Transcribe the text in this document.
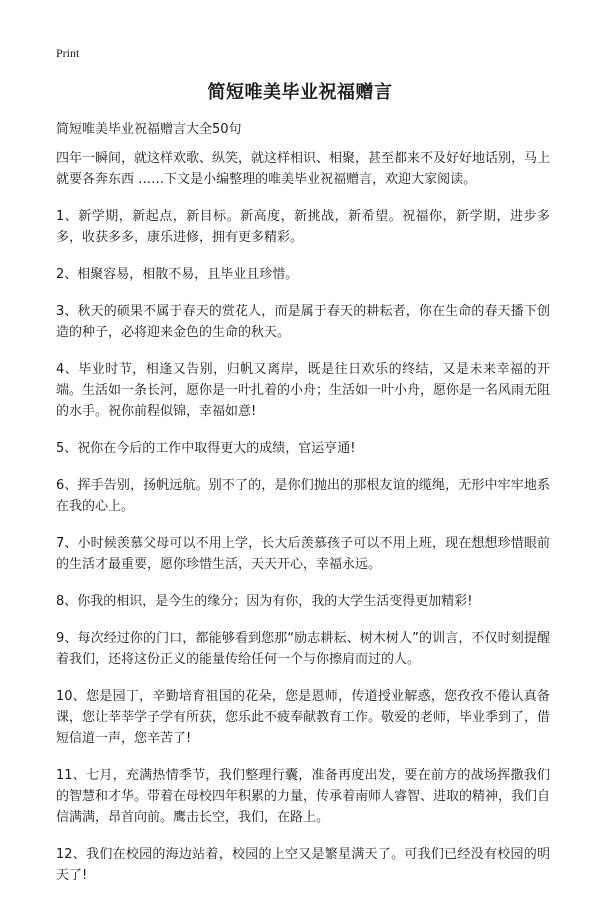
Print
简短唯美毕业祝福赠言

简短唯美毕业祝福赠言大全50句

四年一瞬间，就这样欢歌、纵笑，就这样相识、相聚，甚至都来不及好好地话别，马上就要各奔东西 ……下文是小编整理的唯美毕业祝福赠言，欢迎大家阅读。

1、新学期，新起点，新目标。新高度，新挑战，新希望。祝福你，新学期，进步多多，收获多多，康乐进修，拥有更多精彩。

2、相聚容易，相散不易，且毕业且珍惜。

3、秋天的硕果不属于春天的赏花人，而是属于春天的耕耘者，你在生命的春天播下创造的种子，必将迎来金色的生命的秋天。

4、毕业时节，相逢又告别，归帆又离岸，既是往日欢乐的终结，又是未来幸福的开端。生活如一条长河，愿你是一叶扎着的小舟；生活如一叶小舟，愿你是一名风雨无阻的水手。祝你前程似锦，幸福如意!

5、祝你在今后的工作中取得更大的成绩，官运亨通!

6、挥手告别，扬帆远航。别不了的，是你们抛出的那根友谊的缆绳，无形中牢牢地系在我的心上。

7、小时候羡慕父母可以不用上学，长大后羡慕孩子可以不用上班，现在想想珍惜眼前的生活才最重要，愿你珍惜生活，天天开心，幸福永远。

8、你我的相识，是今生的缘分；因为有你，我的大学生活变得更加精彩!

9、每次经过你的门口，都能够看到您那“励志耕耘、树木树人”的训言，不仅时刻提醒着我们，还将这份正义的能量传给任何一个与你擦肩而过的人。

10、您是园丁，辛勤培育祖国的花朵，您是恩师，传道授业解惑，您孜孜不倦认真备课，您让莘莘学子学有所获，您乐此不疲奉献教育工作。敬爱的老师，毕业季到了，借短信道一声，您辛苦了!

11、七月，充满热情季节，我们整理行囊，准备再度出发，要在前方的战场挥撒我们的智慧和才华。带着在母校四年积累的力量，传承着南师人睿智、进取的精神，我们自信满满，昂首向前。鹰击长空，我们，在路上。

12、我们在校园的海边站着，校园的上空又是繁星满天了。可我们已经没有校园的明天了!
